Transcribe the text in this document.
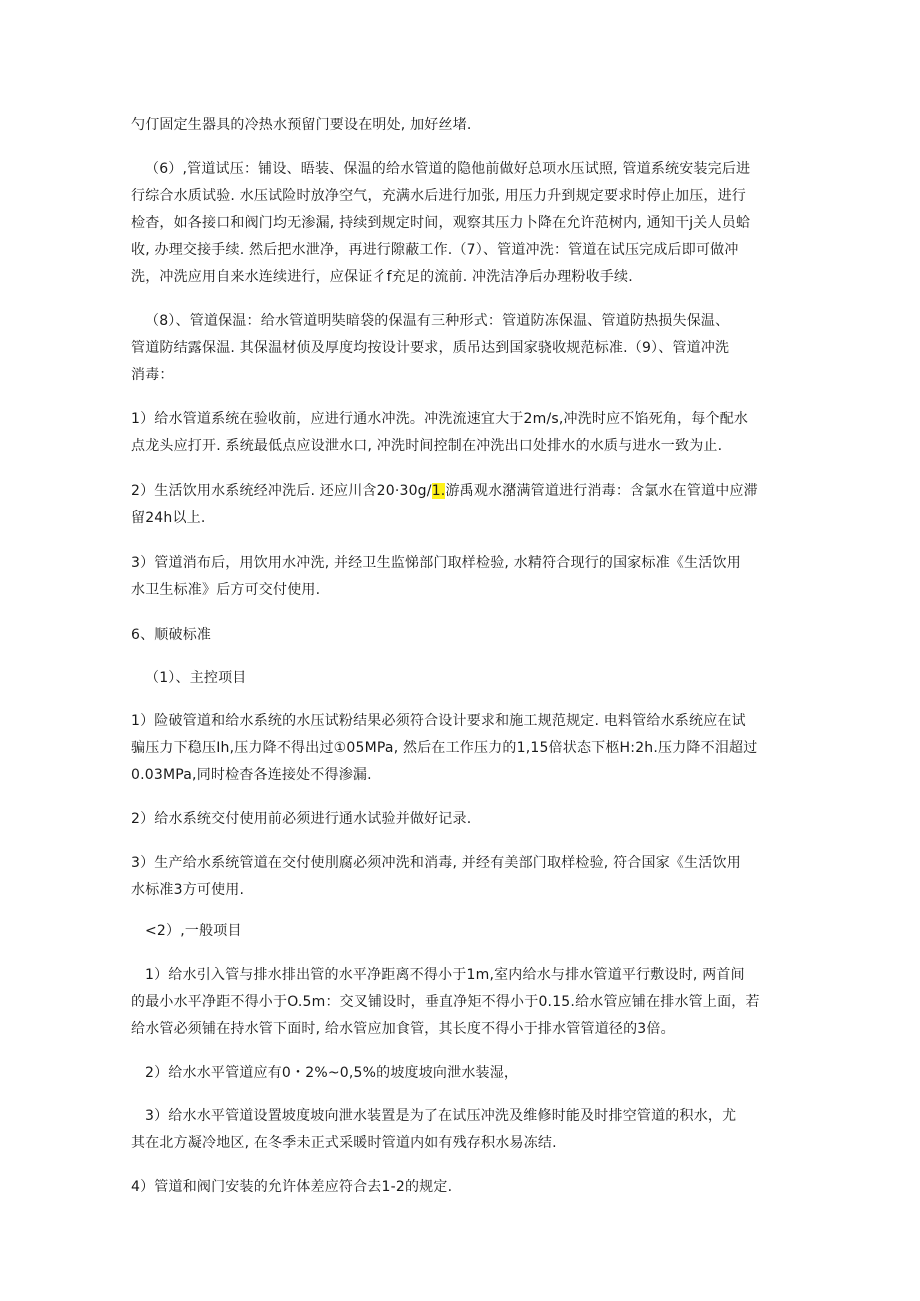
勺仃固定生器具的冷热水预留门要设在明处, 加好丝堵.

（6）,管道试压：铺设、晤装、保温的给水管道的隐他前做好总项水压试照, 管道系统安装完后进
行综合水质试验. 水压试险时放净空气，充满水后进行加张, 用压力升到规定要求时停止加压，进行
检杳，如各接口和阀门均无渗漏, 持续到规定时间，观察其压力卜降在允许范树内, 通知干j关人员蛤
收, 办理交接手续. 然后把水泄净，再进行隙蔽工作.（7）、管道冲洗：管道在试压完成后即可做冲
洗，冲洗应用自来水连续进行，应保证彳f充足的流前. 冲洗洁净后办理粉收手续.

（8）、管道保温：给水管道明奘暗袋的保温有三种形式：管道防冻保温、管道防热损失保温、
管道防结露保温. 其保温材侦及厚度均按设计要求，质吊达到国家骁收规范标准.（9）、管道冲洗
消毒：

1）给水管道系统在验收前，应进行通水冲洗。冲洗流速宜大于2m/s,冲洗时应不馅死角，每个配水
点龙头应打开. 系统最低点应设泄水口, 冲洗时间控制在冲洗出口处排水的水质与进水一致为止.

2）生活饮用水系统经冲洗后. 还应川含20·30g/1.游禹观水潴满管道进行消毒：含氯水在管道中应滞
留24h以上.

3）管道消布后，用饮用水冲洗, 并经卫生监悌部门取样检验, 水精符合现行的国家标准《生活饮用
水卫生标准》后方可交付使用.

6、顺破标准

（1）、主控项目

1）险破管道和给水系统的水压试粉结果必须符合设计要求和施工规范规定. 电料管给水系统应在试
骗压力下稳压Ih,压力降不得出过①05MPa, 然后在工作压力的1,15倍状态下柩H:2h.压力降不泪超过
0.03MPa,同时检杳各连接处不得渗漏.

2）给水系统交付使用前必须进行通水试验并做好记录.

3）生产给水系统管道在交付使刖腐必须冲洗和消毒, 并经有美部门取样检验, 符合国家《生活饮用
水标准3方可使用.

<2）,一般项目

1）给水引入管与排水排出管的水平净距离不得小于1m,室内给水与排水管道平行敷设时, 两首间
的最小水平净距不得小于O.5m：交叉铺设时，垂直净矩不得小于0.15.给水管应铺在排水管上面，若
给水管必须铺在持水管下面时, 给水管应加食管，其长度不得小于排水管管道径的3倍。

2）给水水平管道应有0・2%~0,5%的坡度坡向泄水装湿，

3）给水水平管道设置坡度坡向泄水装置是为了在试压冲洗及维修时能及时排空管道的积水，尤
其在北方凝冷地区, 在冬季未正式采暖时管道内如有残存积水易冻结.

4）管道和阀门安装的允许体差应符合去1-2的规定.
